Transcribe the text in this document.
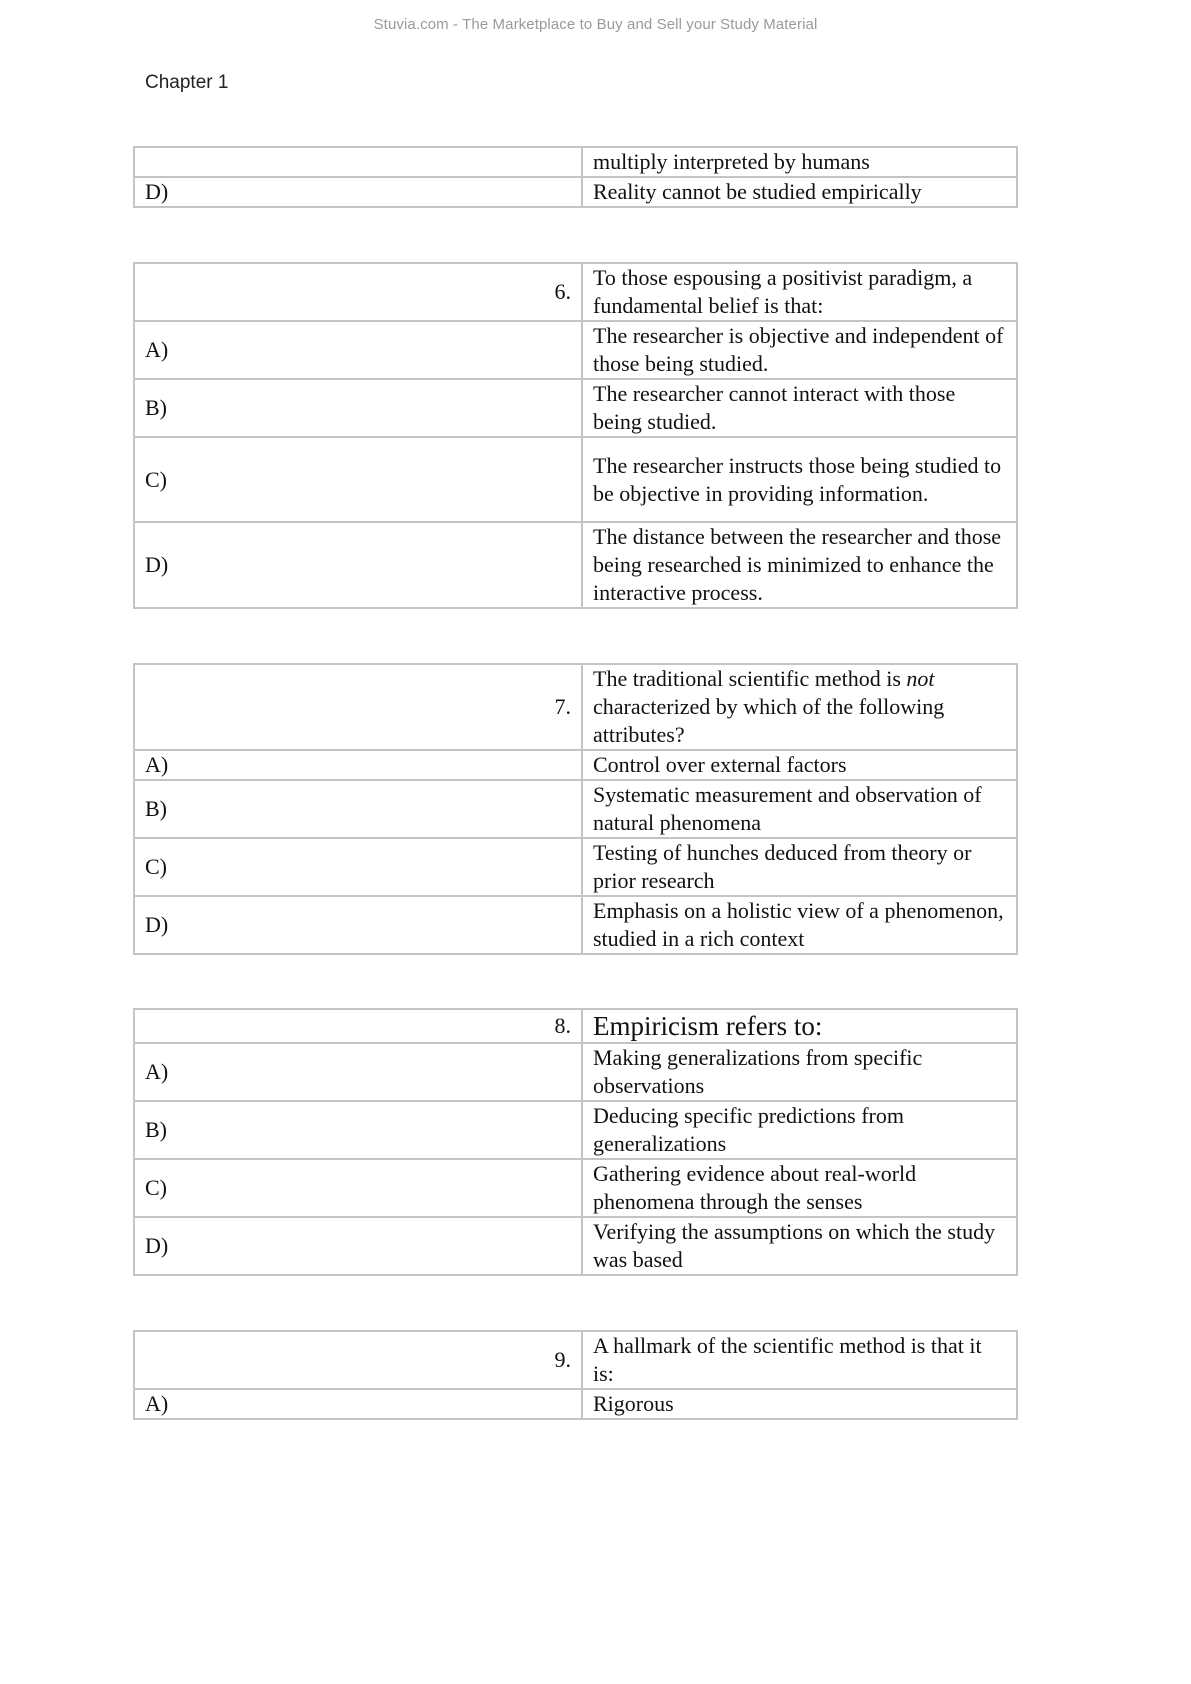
Stuvia.com - The Marketplace to Buy and Sell your Study Material
Chapter 1
	multiply interpreted by humans
D)	Reality cannot be studied empirically
6.	To those espousing a positivist paradigm, a fundamental belief is that:
A)	The researcher is objective and independent of those being studied.
B)	The researcher cannot interact with those being studied.
C)	The researcher instructs those being studied to be objective in providing information.
D)	The distance between the researcher and those being researched is minimized to enhance the interactive process.
7.	The traditional scientific method is not characterized by which of the following attributes?
A)	Control over external factors
B)	Systematic measurement and observation of natural phenomena
C)	Testing of hunches deduced from theory or prior research
D)	Emphasis on a holistic view of a phenomenon, studied in a rich context
8.	Empiricism refers to:
A)	Making generalizations from specific observations
B)	Deducing specific predictions from generalizations
C)	Gathering evidence about real-world phenomena through the senses
D)	Verifying the assumptions on which the study was based
9.	A hallmark of the scientific method is that it is:
A)	Rigorous
